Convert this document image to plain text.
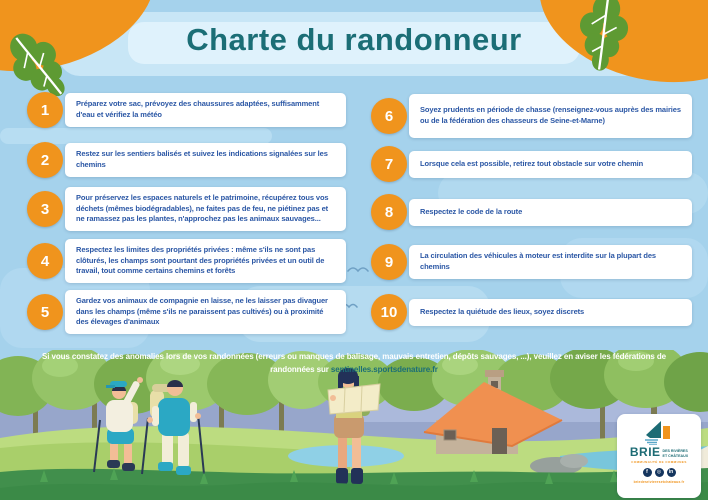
Charte du randonneur
1	Préparez votre sac, prévoyez des chaussures adaptées, suffisamment d'eau et vérifiez la météo

2	Restez sur les sentiers balisés et suivez les indications signalées sur les chemins

3

Pour préservez les espaces naturels et le patrimoine, récupérez tous vos déchets (mêmes biodégradables), ne faites pas de feu, ne piétinez pas et ne ramassez pas les plantes, n'approchez pas les animaux sauvages...

4

Respectez les limites des propriétés privées : même s'ils ne sont pas clôturés, les champs sont pourtant des propriétés privées et un outil de travail, tout comme certains chemins et forêts

5

Gardez vos animaux de compagnie en laisse, ne les laisser pas divaguer dans les champs (même s'ils ne paraissent pas cultivés) ou à proximité des élevages d'animaux

6	Soyez prudents en période de chasse (renseignez-vous auprès des mairies ou de la fédération des chasseurs de Seine-et-Marne)

7	Lorsque cela est possible, retirez tout obstacle sur votre chemin

8	Respectez le code de la route

9	La circulation des véhicules à moteur est interdite sur la plupart des chemins

10	Respectez la quiétude des lieux, soyez discrets

Si vous constatez des anomalies lors de vos randonnées (erreurs ou manques de balisage, mauvais entretien, dépôts sauvages, ...), veuillez en aviser les fédérations de randonnées sur sentinelles.sportsdenature.fr

BRIE DES RIVIÈRES
ET CHÂTEAUX
COMMUNAUTÉ DE COMMUNES
f	◎	in
briedesrivieresetchateaux.fr
